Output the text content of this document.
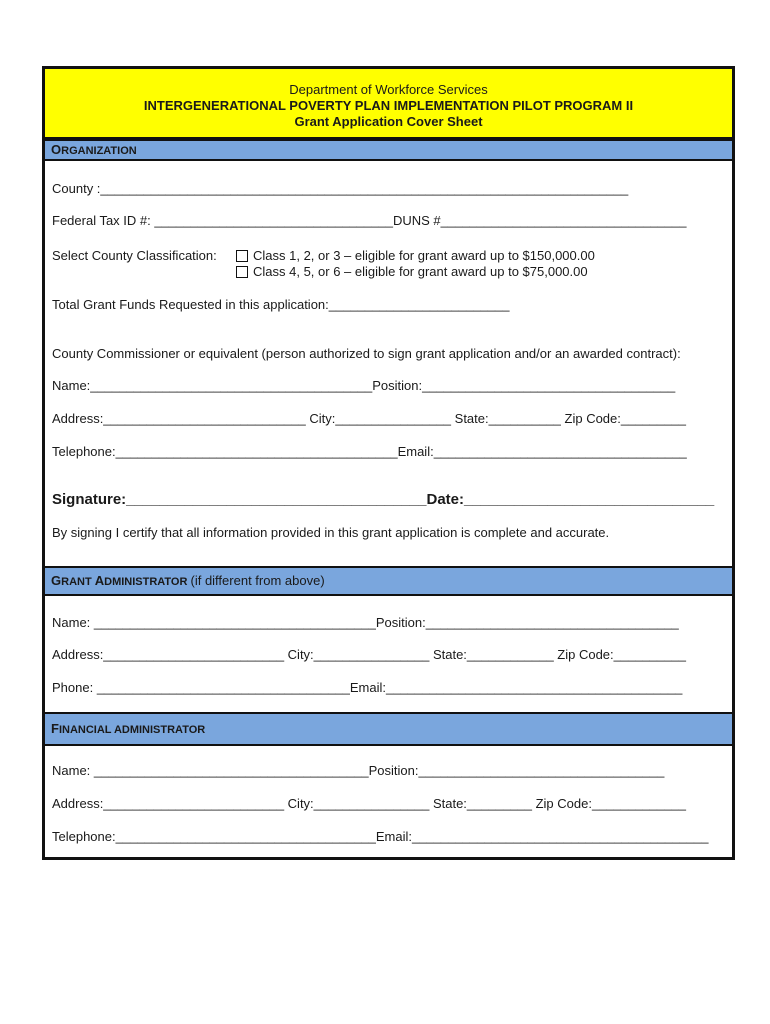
Department of Workforce Services
INTERGENERATIONAL POVERTY PLAN IMPLEMENTATION PILOT PROGRAM II
Grant Application Cover Sheet
ORGANIZATION
County :_________________________________________________________________________
Federal Tax ID #: _________________________________DUNS #__________________________________
Select County Classification:	Class 1, 2, or 3 – eligible for grant award up to $150,000.00
Class 4, 5, or 6 – eligible for grant award up to $75,000.00
Total Grant Funds Requested in this application:_________________________
County Commissioner or equivalent (person authorized to sign grant application and/or an awarded contract):
Name:_______________________________________Position:___________________________________
Address:____________________________ City:________________ State:__________ Zip Code:_________
Telephone:_______________________________________Email:___________________________________
Signature:____________________________________Date:______________________________
By signing I certify that all information provided in this grant application is complete and accurate.
GRANT ADMINISTRATOR (if different from above)
Name: _______________________________________Position:___________________________________
Address:_________________________ City:________________ State:____________ Zip Code:__________
Phone: ___________________________________Email:_________________________________________
FINANCIAL ADMINISTRATOR
Name: ______________________________________Position:__________________________________
Address:_________________________ City:________________ State:_________ Zip Code:_____________
Telephone:____________________________________Email:_________________________________________
